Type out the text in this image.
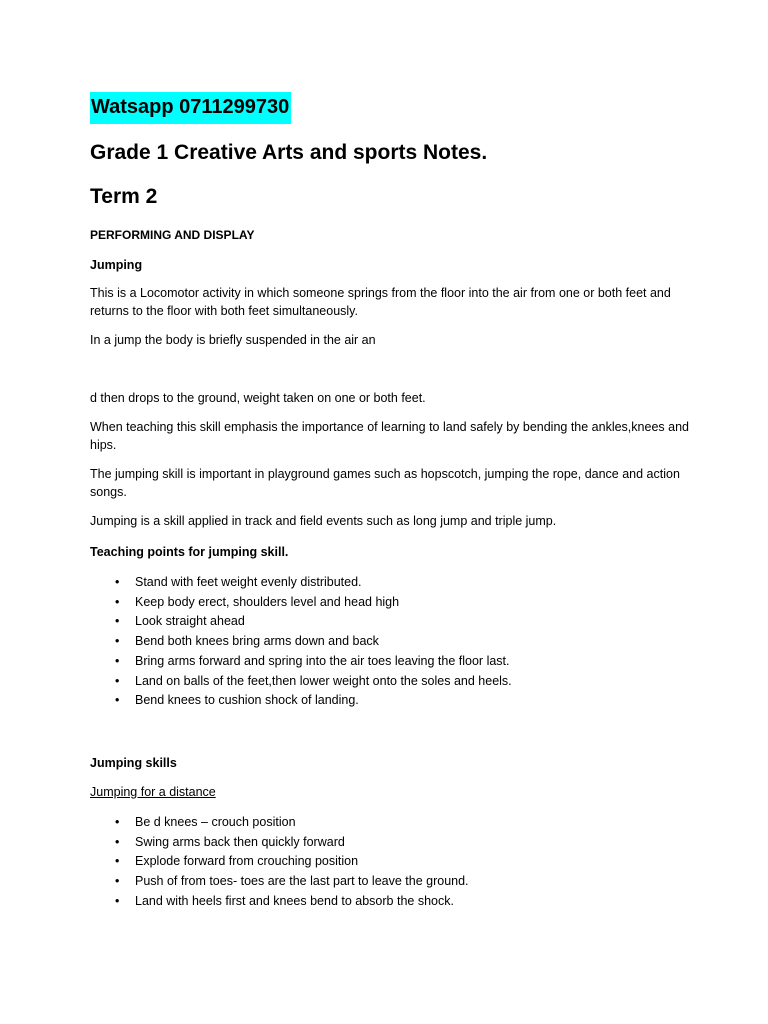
Watsapp 0711299730
Grade 1 Creative Arts and sports Notes.
Term 2
PERFORMING AND DISPLAY
Jumping

This is a Locomotor activity in which someone springs from the floor into the air from one or both feet and returns to the floor with both feet simultaneously.

In a jump the body is briefly suspended in the air an

d then drops to the ground, weight taken on one or both feet.

When teaching this skill emphasis the importance of learning to land safely by bending the ankles,knees and hips.

The jumping skill is important in playground games such as hopscotch, jumping the rope, dance and action songs.

Jumping is a skill applied in track and field events such as long jump and triple jump.

Teaching points for jumping skill.
• Stand with feet weight evenly distributed.
• Keep body erect, shoulders level and head high
• Look straight ahead
• Bend both knees bring arms down and back
• Bring arms forward and spring into the air toes leaving the floor last.
• Land on balls of the feet,then lower weight onto the soles and heels.
• Bend knees to cushion shock of landing.
Jumping skills
Jumping for a distance
• Be d knees – crouch position
• Swing arms back then quickly forward
• Explode forward from crouching position
• Push of from toes- toes are the last part to leave the ground.
• Land with heels first and knees bend to absorb the shock.
